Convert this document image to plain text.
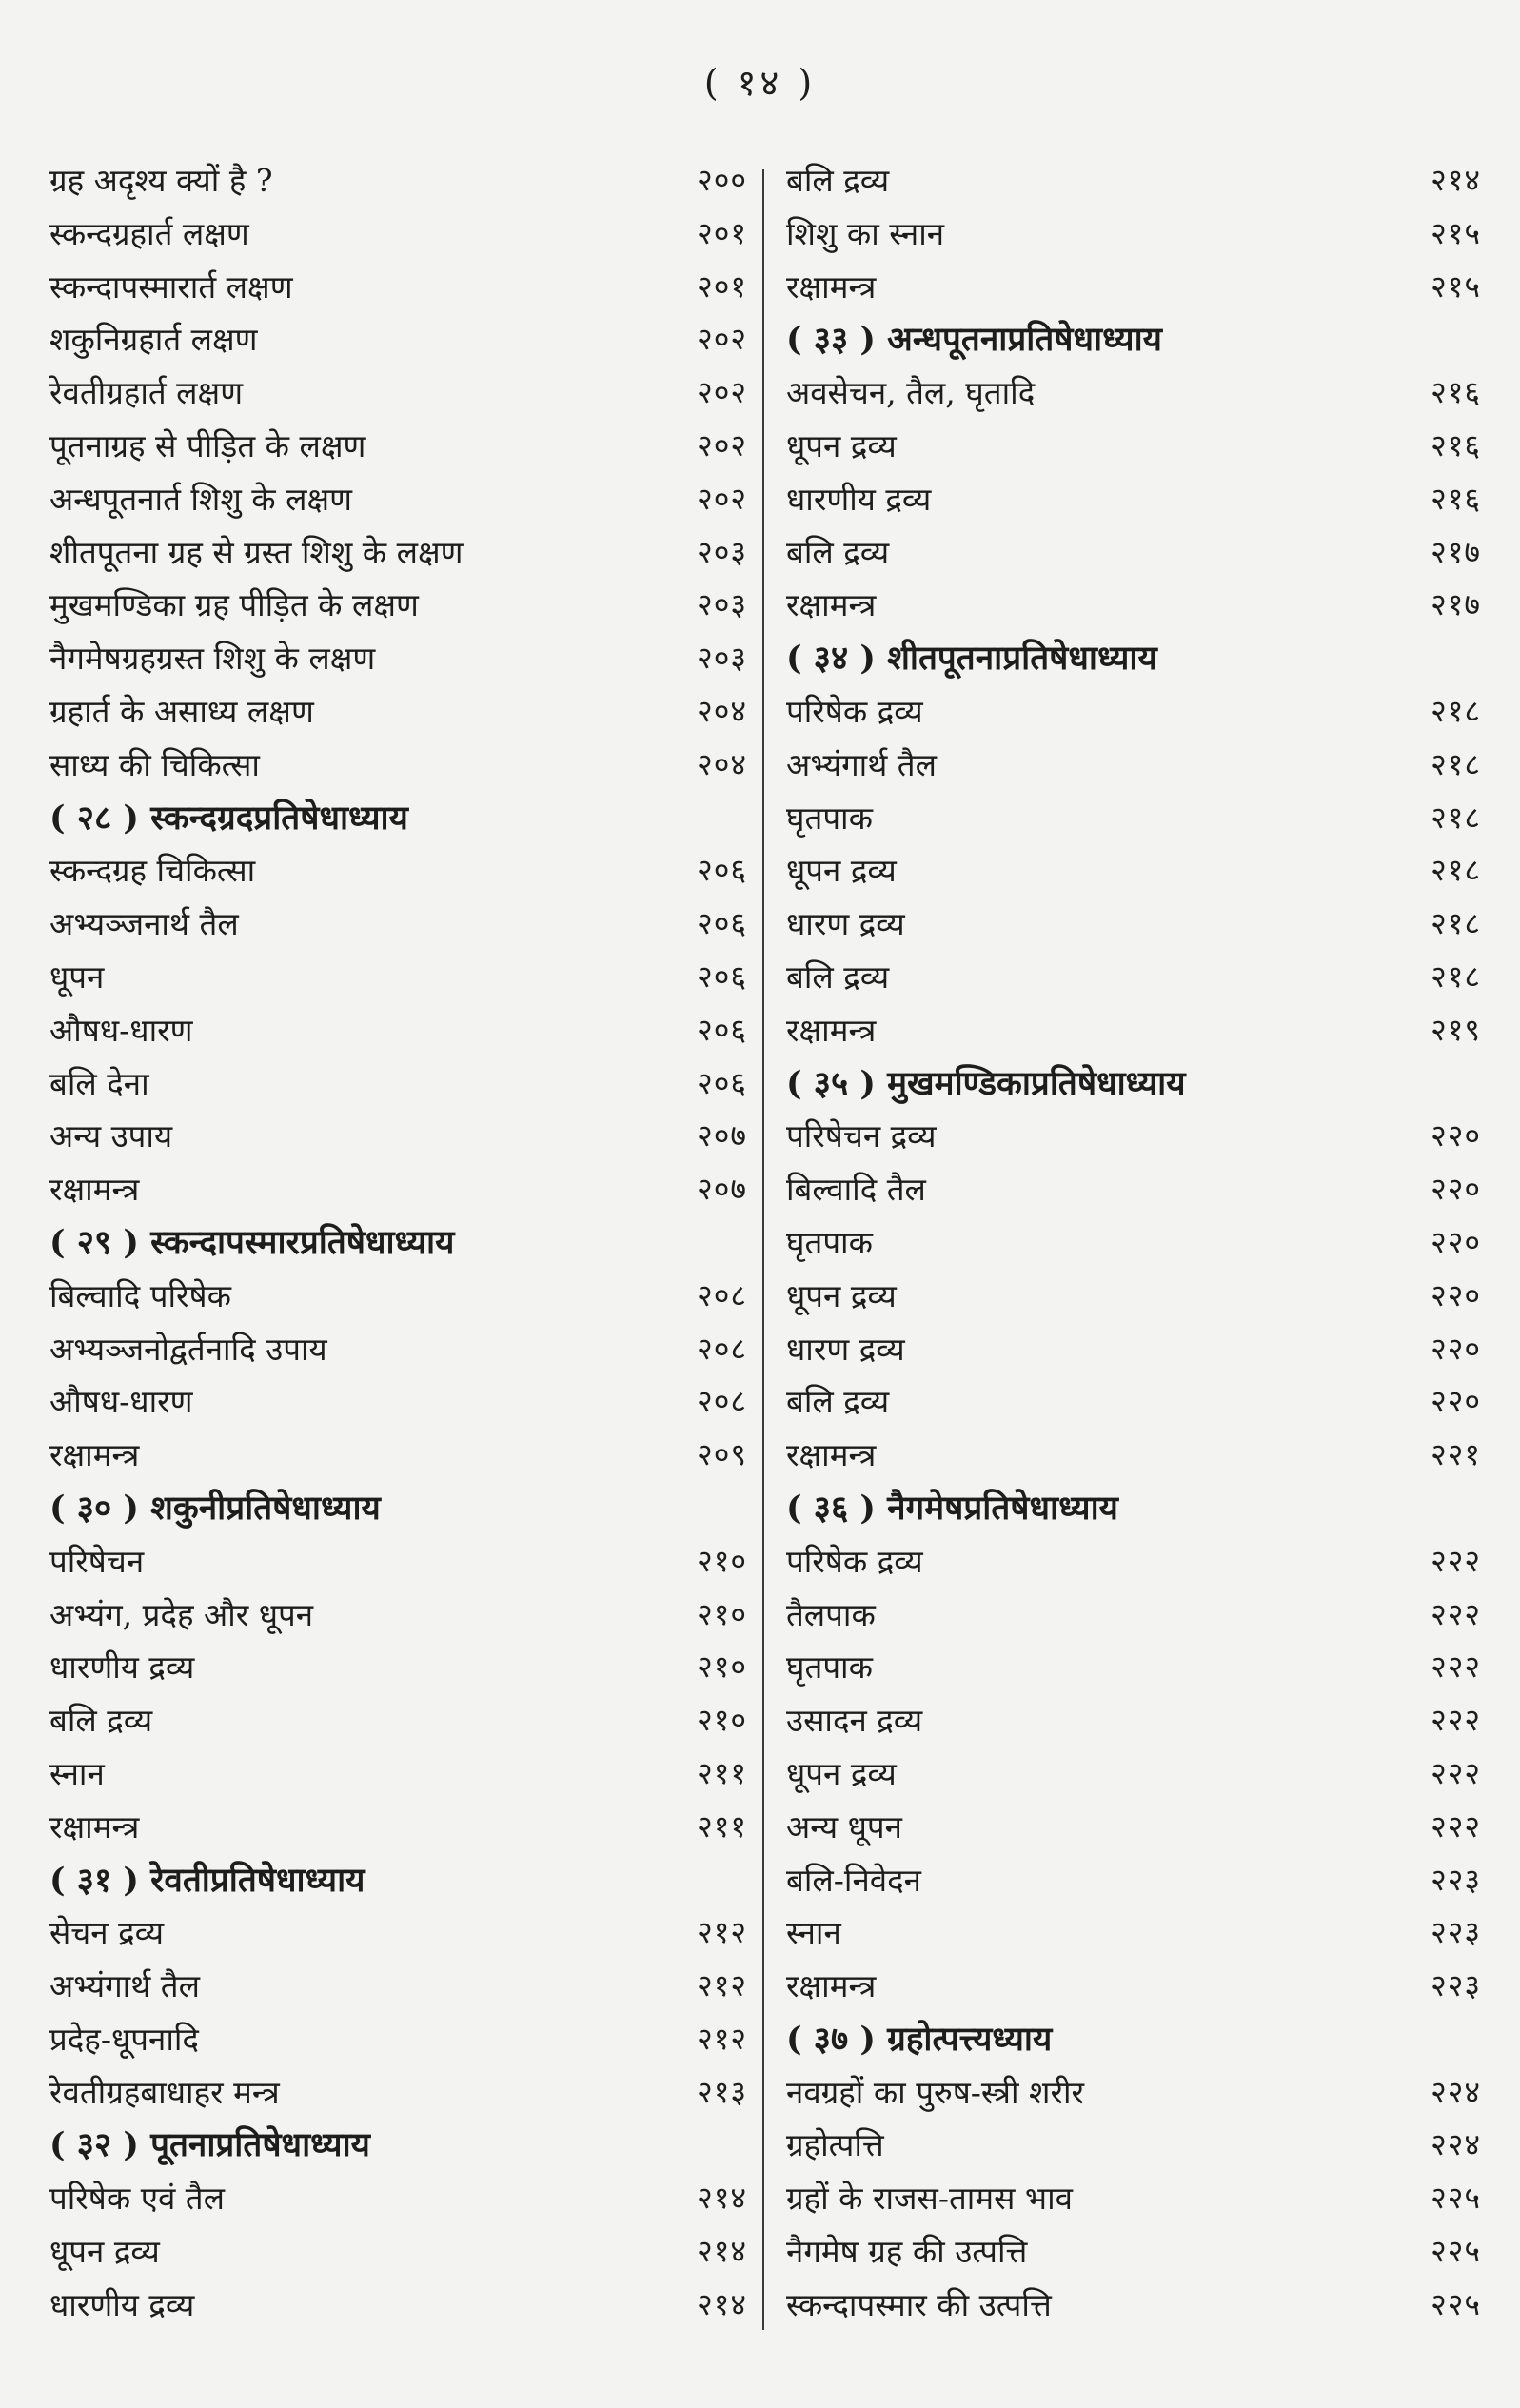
( १४ )
ग्रह अदृश्य क्यों है ?	२००
स्कन्दग्रहार्त लक्षण	२०१
स्कन्दापस्मारार्त लक्षण	२०१
शकुनिग्रहार्त लक्षण	२०२
रेवतीग्रहार्त लक्षण	२०२
पूतनाग्रह से पीड़ित के लक्षण	२०२
अन्धपूतनार्त शिशु के लक्षण	२०२
शीतपूतना ग्रह से ग्रस्त शिशु के लक्षण	२०३
मुखमण्डिका ग्रह पीड़ित के लक्षण	२०३
नैगमेषग्रहग्रस्त शिशु के लक्षण	२०३
ग्रहार्त के असाध्य लक्षण	२०४
साध्य की चिकित्सा	२०४
( २८ ) स्कन्दग्रदप्रतिषेधाध्याय
स्कन्दग्रह चिकित्सा	२०६
अभ्यञ्जनार्थ तैल	२०६
धूपन	२०६
औषध-धारण	२०६
बलि देना	२०६
अन्य उपाय	२०७
रक्षामन्त्र	२०७
( २९ ) स्कन्दापस्मारप्रतिषेधाध्याय
बिल्वादि परिषेक	२०८
अभ्यञ्जनोद्वर्तनादि उपाय	२०८
औषध-धारण	२०८
रक्षामन्त्र	२०९
( ३० ) शकुनीप्रतिषेधाध्याय
परिषेचन	२१०
अभ्यंग, प्रदेह और धूपन	२१०
धारणीय द्रव्य	२१०
बलि द्रव्य	२१०
स्नान	२११
रक्षामन्त्र	२११
( ३१ ) रेवतीप्रतिषेधाध्याय
सेचन द्रव्य	२१२
अभ्यंगार्थ तैल	२१२
प्रदेह-धूपनादि	२१२
रेवतीग्रहबाधाहर मन्त्र	२१३
( ३२ ) पूतनाप्रतिषेधाध्याय
परिषेक एवं तैल	२१४
धूपन द्रव्य	२१४
धारणीय द्रव्य	२१४
बलि द्रव्य	२१४
शिशु का स्नान	२१५
रक्षामन्त्र	२१५
( ३३ ) अन्धपूतनाप्रतिषेधाध्याय
अवसेचन, तैल, घृतादि	२१६
धूपन द्रव्य	२१६
धारणीय द्रव्य	२१६
बलि द्रव्य	२१७
रक्षामन्त्र	२१७
( ३४ ) शीतपूतनाप्रतिषेधाध्याय
परिषेक द्रव्य	२१८
अभ्यंगार्थ तैल	२१८
घृतपाक	२१८
धूपन द्रव्य	२१८
धारण द्रव्य	२१८
बलि द्रव्य	२१८
रक्षामन्त्र	२१९
( ३५ ) मुखमण्डिकाप्रतिषेधाध्याय
परिषेचन द्रव्य	२२०
बिल्वादि तैल	२२०
घृतपाक	२२०
धूपन द्रव्य	२२०
धारण द्रव्य	२२०
बलि द्रव्य	२२०
रक्षामन्त्र	२२१
( ३६ ) नैगमेषप्रतिषेधाध्याय
परिषेक द्रव्य	२२२
तैलपाक	२२२
घृतपाक	२२२
उसादन द्रव्य	२२२
धूपन द्रव्य	२२२
अन्य धूपन	२२२
बलि-निवेदन	२२३
स्नान	२२३
रक्षामन्त्र	२२३
( ३७ ) ग्रहोत्पत्त्यध्याय
नवग्रहों का पुरुष-स्त्री शरीर	२२४
ग्रहोत्पत्ति	२२४
ग्रहों के राजस-तामस भाव	२२५
नैगमेष ग्रह की उत्पत्ति	२२५
स्कन्दापस्मार की उत्पत्ति	२२५
